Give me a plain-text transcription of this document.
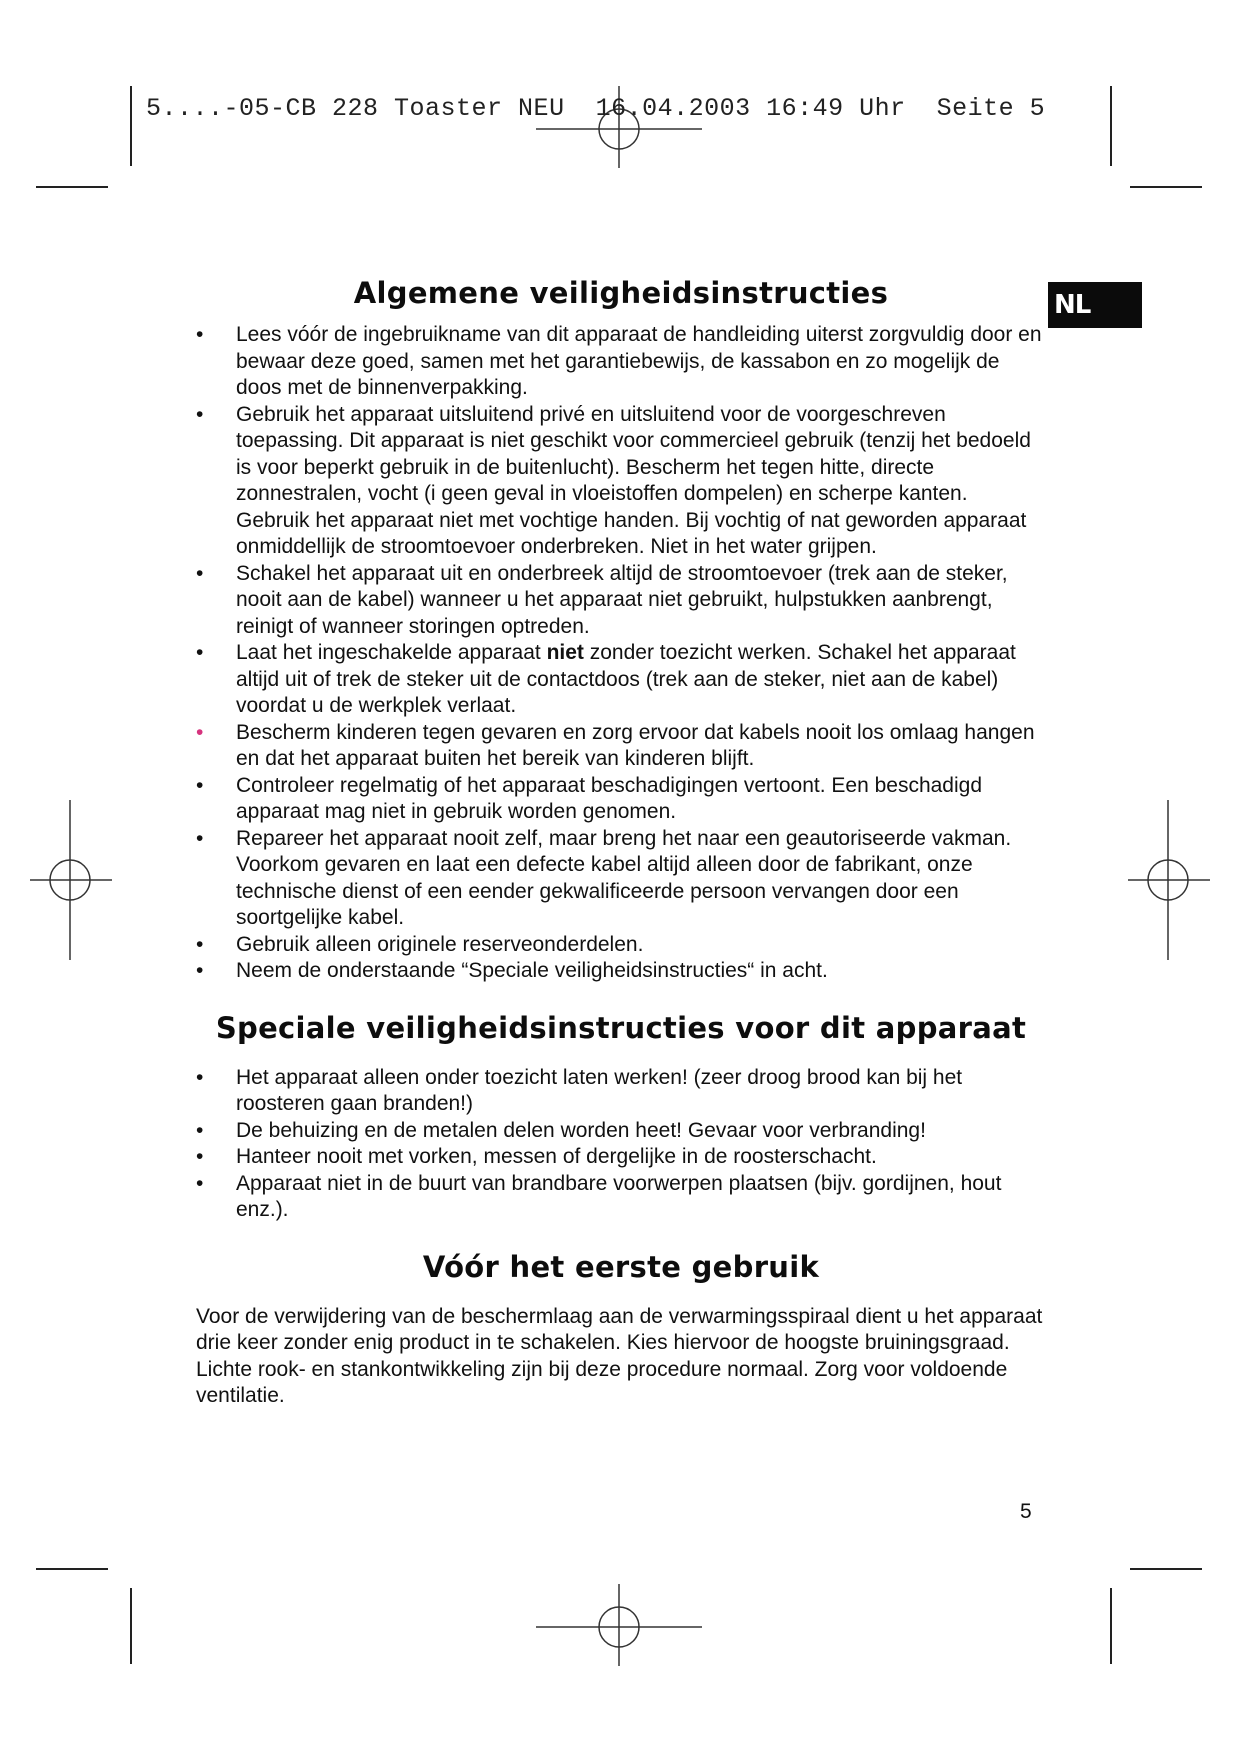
5....-05-CB 228 Toaster NEU  16.04.2003 16:49 Uhr  Seite 5
NL
Algemene veiligheidsinstructies
• Lees vóór de ingebruikname van dit apparaat de handleiding uiterst zorgvuldig door en bewaar deze goed, samen met het garantiebewijs, de kassabon en zo mogelijk de doos met de binnenverpakking.
• Gebruik het apparaat uitsluitend privé en uitsluitend voor de voorgeschreven toepassing. Dit apparaat is niet geschikt voor commercieel gebruik (tenzij het bedoeld is voor beperkt gebruik in de buitenlucht). Bescherm het tegen hitte, directe zonnestralen, vocht (i geen geval in vloeistoffen dompelen) en scherpe kanten. Gebruik het apparaat niet met vochtige handen. Bij vochtig of nat geworden apparaat onmiddellijk de stroomtoevoer onderbreken. Niet in het water grijpen.
• Schakel het apparaat uit en onderbreek altijd de stroomtoevoer (trek aan de steker, nooit aan de kabel) wanneer u het apparaat niet gebruikt, hulpstukken aanbrengt, reinigt of wanneer storingen optreden.
• Laat het ingeschakelde apparaat niet zonder toezicht werken. Schakel het apparaat altijd uit of trek de steker uit de contactdoos (trek aan de steker, niet aan de kabel) voordat u de werkplek verlaat.
• Bescherm kinderen tegen gevaren en zorg ervoor dat kabels nooit los omlaag hangen en dat het apparaat buiten het bereik van kinderen blijft.
• Controleer regelmatig of het apparaat beschadigingen vertoont. Een beschadigd apparaat mag niet in gebruik worden genomen.
• Repareer het apparaat nooit zelf, maar breng het naar een geautoriseerde vakman. Voorkom gevaren en laat een defecte kabel altijd alleen door de fabrikant, onze technische dienst of een eender gekwalificeerde persoon vervangen door een soortgelijke kabel.
• Gebruik alleen originele reserveonderdelen.
• Neem de onderstaande “Speciale veiligheidsinstructies“ in acht.
Speciale veiligheidsinstructies voor dit apparaat
• Het apparaat alleen onder toezicht laten werken! (zeer droog brood kan bij het roosteren gaan branden!)
• De behuizing en de metalen delen worden heet! Gevaar voor verbranding!
• Hanteer nooit met vorken, messen of dergelijke in de roosterschacht.
• Apparaat niet in de buurt van brandbare voorwerpen plaatsen (bijv. gordijnen, hout enz.).
Vóór het eerste gebruik

Voor de verwijdering van de beschermlaag aan de verwarmingsspiraal dient u het apparaat drie keer zonder enig product in te schakelen. Kies hiervoor de hoogste bruiningsgraad. Lichte rook- en stankontwikkeling zijn bij deze procedure normaal. Zorg voor voldoende ventilatie.

5
